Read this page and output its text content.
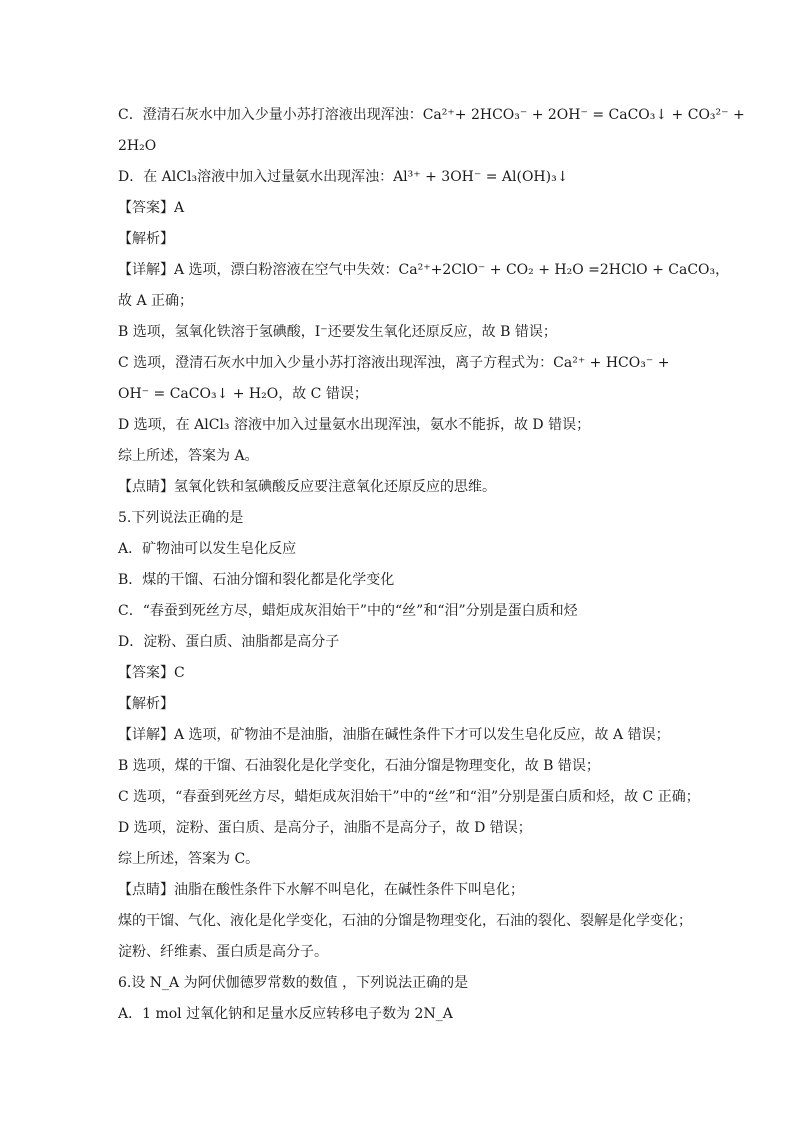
C．澄清石灰水中加入少量小苏打溶液出现浑浊：Ca²⁺+ 2HCO₃⁻ + 2OH⁻ = CaCO₃↓ + CO₃²⁻ +
2H₂O
D．在 AlCl₃溶液中加入过量氨水出现浑浊：Al³⁺ + 3OH⁻ = Al(OH)₃↓
【答案】A
【解析】
【详解】A 选项，漂白粉溶液在空气中失效：Ca²⁺+2ClO⁻ + CO₂ + H₂O =2HClO + CaCO₃，
故 A 正确；
B 选项，氢氧化铁溶于氢碘酸，I⁻还要发生氧化还原反应，故 B 错误；
C 选项，澄清石灰水中加入少量小苏打溶液出现浑浊，离子方程式为：Ca²⁺ + HCO₃⁻ +
OH⁻ = CaCO₃↓ + H₂O，故 C 错误；
D 选项，在 AlCl₃ 溶液中加入过量氨水出现浑浊，氨水不能拆，故 D 错误；
综上所述，答案为 A。
【点睛】氢氧化铁和氢碘酸反应要注意氧化还原反应的思维。
5.下列说法正确的是
A．矿物油可以发生皂化反应
B．煤的干馏、石油分馏和裂化都是化学变化
C．“春蚕到死丝方尽，蜡炬成灰泪始干”中的“丝”和“泪”分别是蛋白质和烃
D．淀粉、蛋白质、油脂都是高分子
【答案】C
【解析】
【详解】A 选项，矿物油不是油脂，油脂在碱性条件下才可以发生皂化反应，故 A 错误；
B 选项，煤的干馏、石油裂化是化学变化，石油分馏是物理变化，故 B 错误；
C 选项，“春蚕到死丝方尽，蜡炬成灰泪始干”中的“丝”和“泪”分别是蛋白质和烃，故 C 正确；
D 选项，淀粉、蛋白质、是高分子，油脂不是高分子，故 D 错误；
综上所述，答案为 C。
【点睛】油脂在酸性条件下水解不叫皂化，在碱性条件下叫皂化；
煤的干馏、气化、液化是化学变化，石油的分馏是物理变化，石油的裂化、裂解是化学变化；
淀粉、纤维素、蛋白质是高分子。
6.设 N_A 为阿伏伽德罗常数的数值 ，下列说法正确的是
A．1 mol 过氧化钠和足量水反应转移电子数为 2N_A
